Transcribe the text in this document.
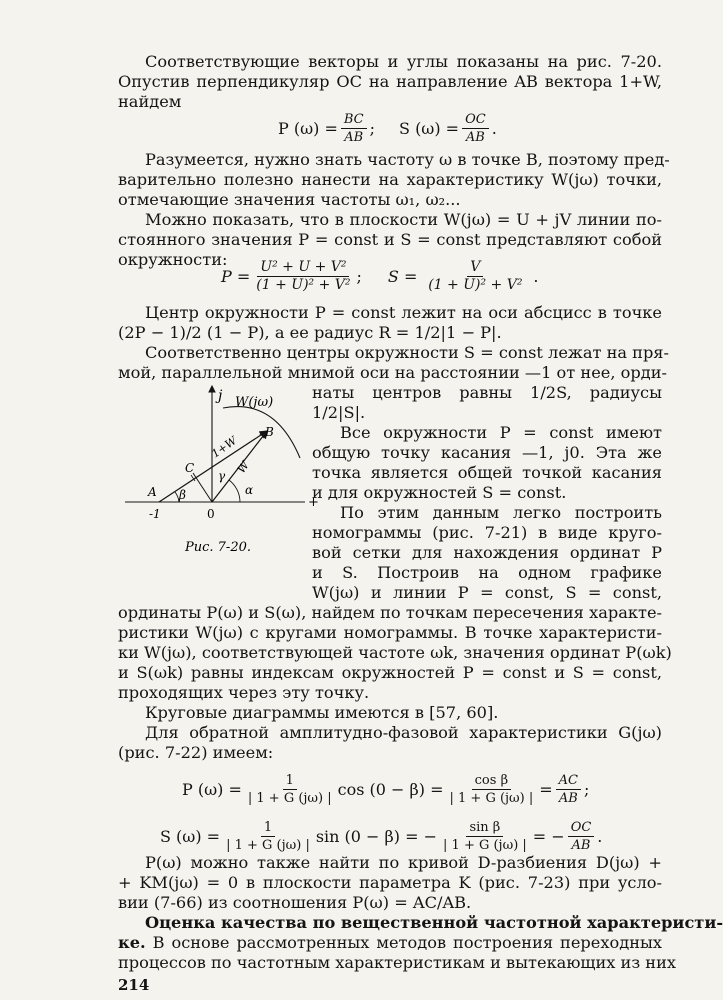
Соответствующие векторы и углы показаны на рис. 7-20.
Опустив перпендикуляр OC на направление AB вектора 1+W,
найдем
P $(\omega) = \frac{BC}{AB}$ ; S $(\omega) = \frac{OC}{AB}$ .
Разумеется, нужно знать частоту ω в точке B, поэтому пред-
варительно полезно нанести на характеристику W(jω) точки,
отмечающие значения частоты ω₁, ω₂...
Можно показать, что в плоскости W(jω) = U + jV линии по-
стоянного значения P = const и S = const представляют собой
окружности:
$P = \frac{\text{U² + U + V²}}{\text{(1 + U)² + V²}}$ ; $S = \frac{V}{\text{(1 + U)² + V²}}$ .
Центр окружности P = const лежит на оси абсцисс в точке
(2P − 1)/2 (1 − P), а ее радиус R = 1/2|1 − P|.
Соответственно центры окружности S = const лежат на пря-
мой, параллельной мнимой оси на расстоянии —1 от нее, орди-
наты центров равны 1/2S, радиусы
1/2|S|.
Все окружности P = const имеют
общую точку касания —1, j0. Эта же
точка является общей точкой касания
и для окружностей S = const.
По этим данным легко построить
номограммы (рис. 7-21) в виде круго-
вой сетки для нахождения ординат P
и S. Построив на одном графике
W(jω) и линии P = const, S = const,
ординаты P(ω) и S(ω), найдем по точкам пересечения характе-
ристики W(jω) с кругами номограммы. В точке характеристи-
ки W(jω), соответствующей частоте ωk, значения ординат P(ωk)
и S(ωk) равны индексам окружностей P = const и S = const,
проходящих через эту точку.
Круговые диаграммы имеются в [57, 60].
Для обратной амплитудно-фазовой характеристики G(jω)
(рис. 7-22) имеем:
P $(\omega) = \frac{1}{| 1 + G (j\omega) |}$ $\cos (0 - \beta) = \frac{\text{cos β}}{| 1 + G (j\omega) |} = \frac{AC}{AB}$ ;
S $(\omega) = \frac{1}{| 1 + G (j\omega) |}$ sin (0 − β) = − $\frac{\text{sin β}}{| 1 + G (j\omega) |}$ = − $\frac{OC}{AB}$ .
P(ω) можно также найти по кривой D-разбиения D(jω) +
+ KM(jω) = 0 в плоскости параметра K (рис. 7-23) при усло-
вии (7-66) из соотношения P(ω) = AC/AB.
Оценка качества по вещественной частотной характеристи-
ке. В основе рассмотренных методов построения переходных
процессов по частотным характеристикам и вытекающих из них
214
j
+
W(jω)
B
A
C
1+W
W
γ
β	α
-1	0
Рис. 7-20.
